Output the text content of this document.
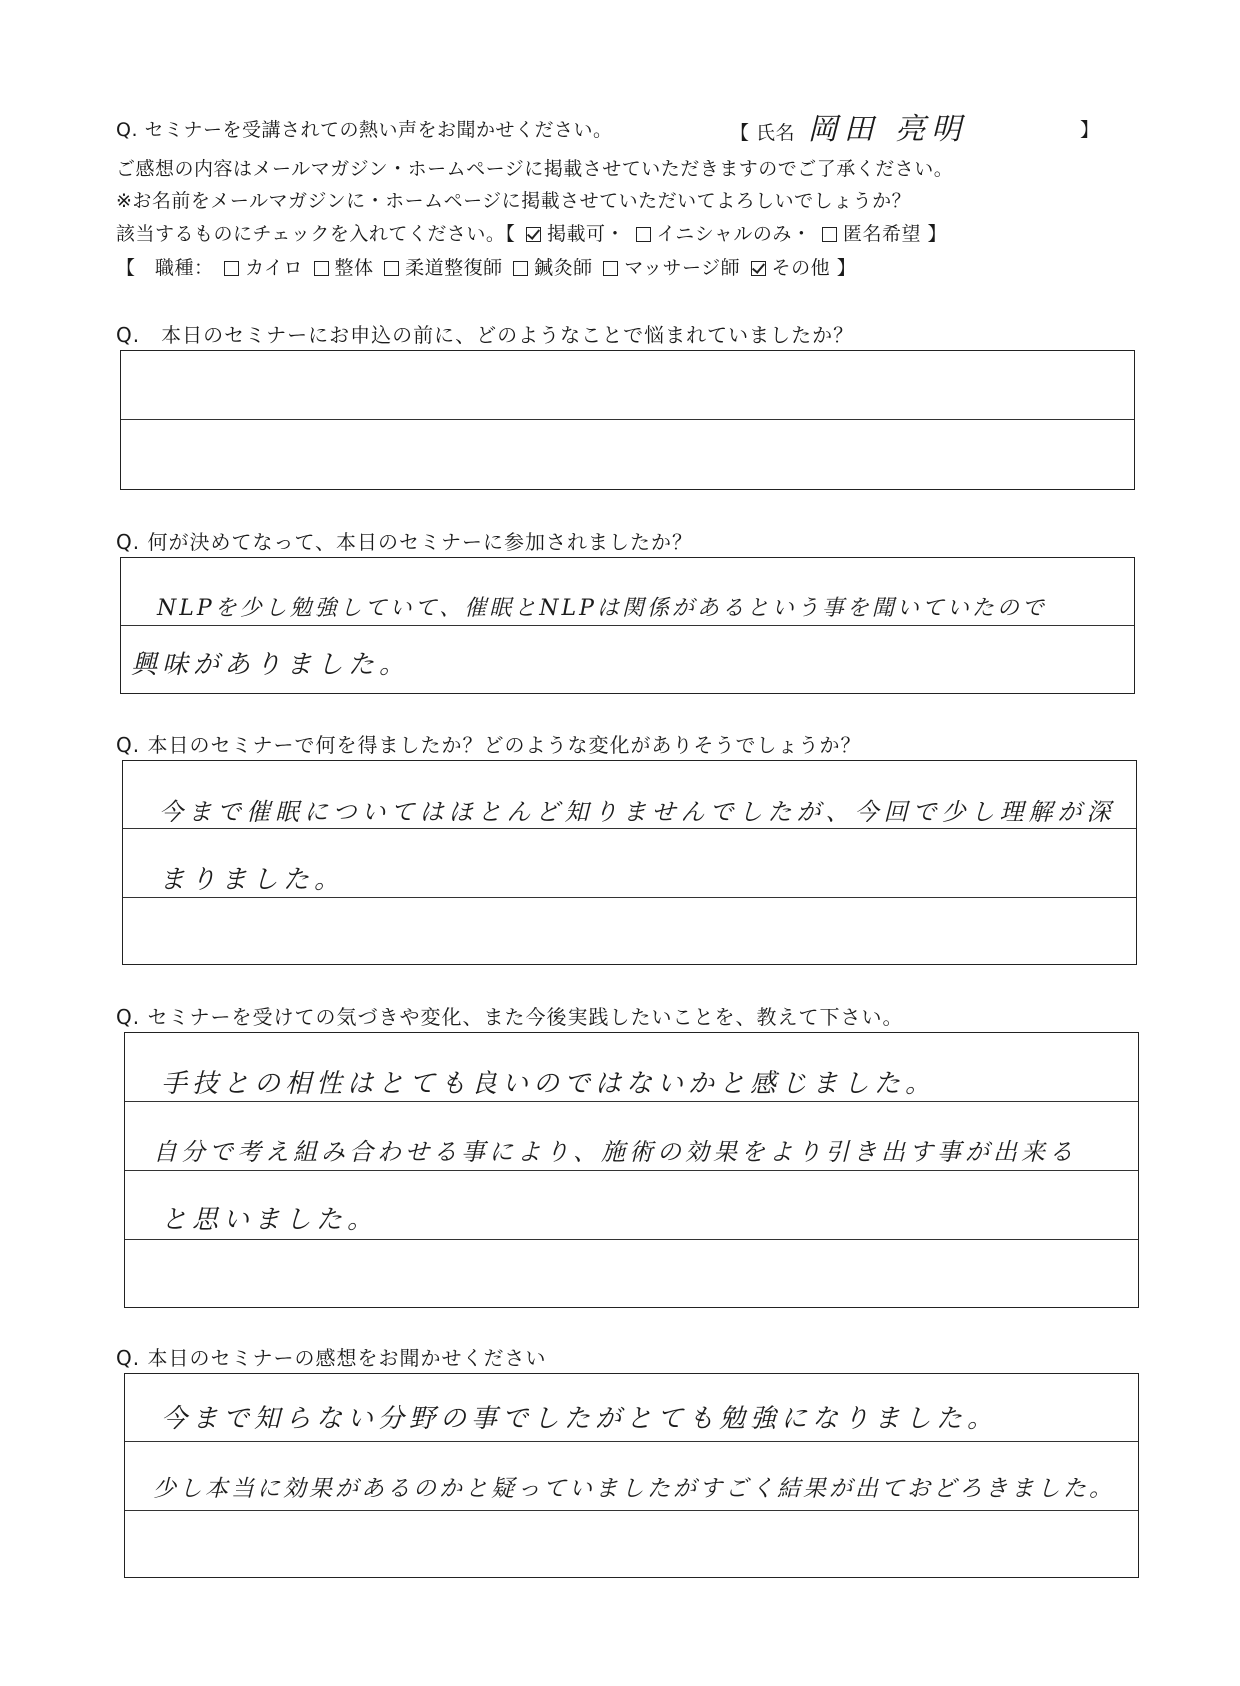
Q. セミナーを受講されての熱い声をお聞かせください。	【 氏名 岡田 亮明	】
ご感想の内容はメールマガジン・ホームページに掲載させていただきますのでご了承ください。
※お名前をメールマガジンに・ホームページに掲載させていただいてよろしいでしょうか？
該当するものにチェックを入れてください。【 掲載可・ イニシャルのみ・ 匿名希望 】
【　職種： カイロ 整体 柔道整復師 鍼灸師 マッサージ師 その他 】
Q.　本日のセミナーにお申込の前に、どのようなことで悩まれていましたか？
Q. 何が決めてなって、本日のセミナーに参加されましたか？
NLPを少し勉強していて、催眠とNLPは関係があるという事を聞いていたので
興味がありました。
Q. 本日のセミナーで何を得ましたか？どのような変化がありそうでしょうか？
今まで催眠についてはほとんど知りませんでしたが、今回で少し理解が深
まりました。
Q. セミナーを受けての気づきや変化、また今後実践したいことを、教えて下さい。
手技との相性はとても良いのではないかと感じました。
自分で考え組み合わせる事により、施術の効果をより引き出す事が出来る
と思いました。
Q. 本日のセミナーの感想をお聞かせください
今まで知らない分野の事でしたがとても勉強になりました。
少し本当に効果があるのかと疑っていましたがすごく結果が出ておどろきました。
